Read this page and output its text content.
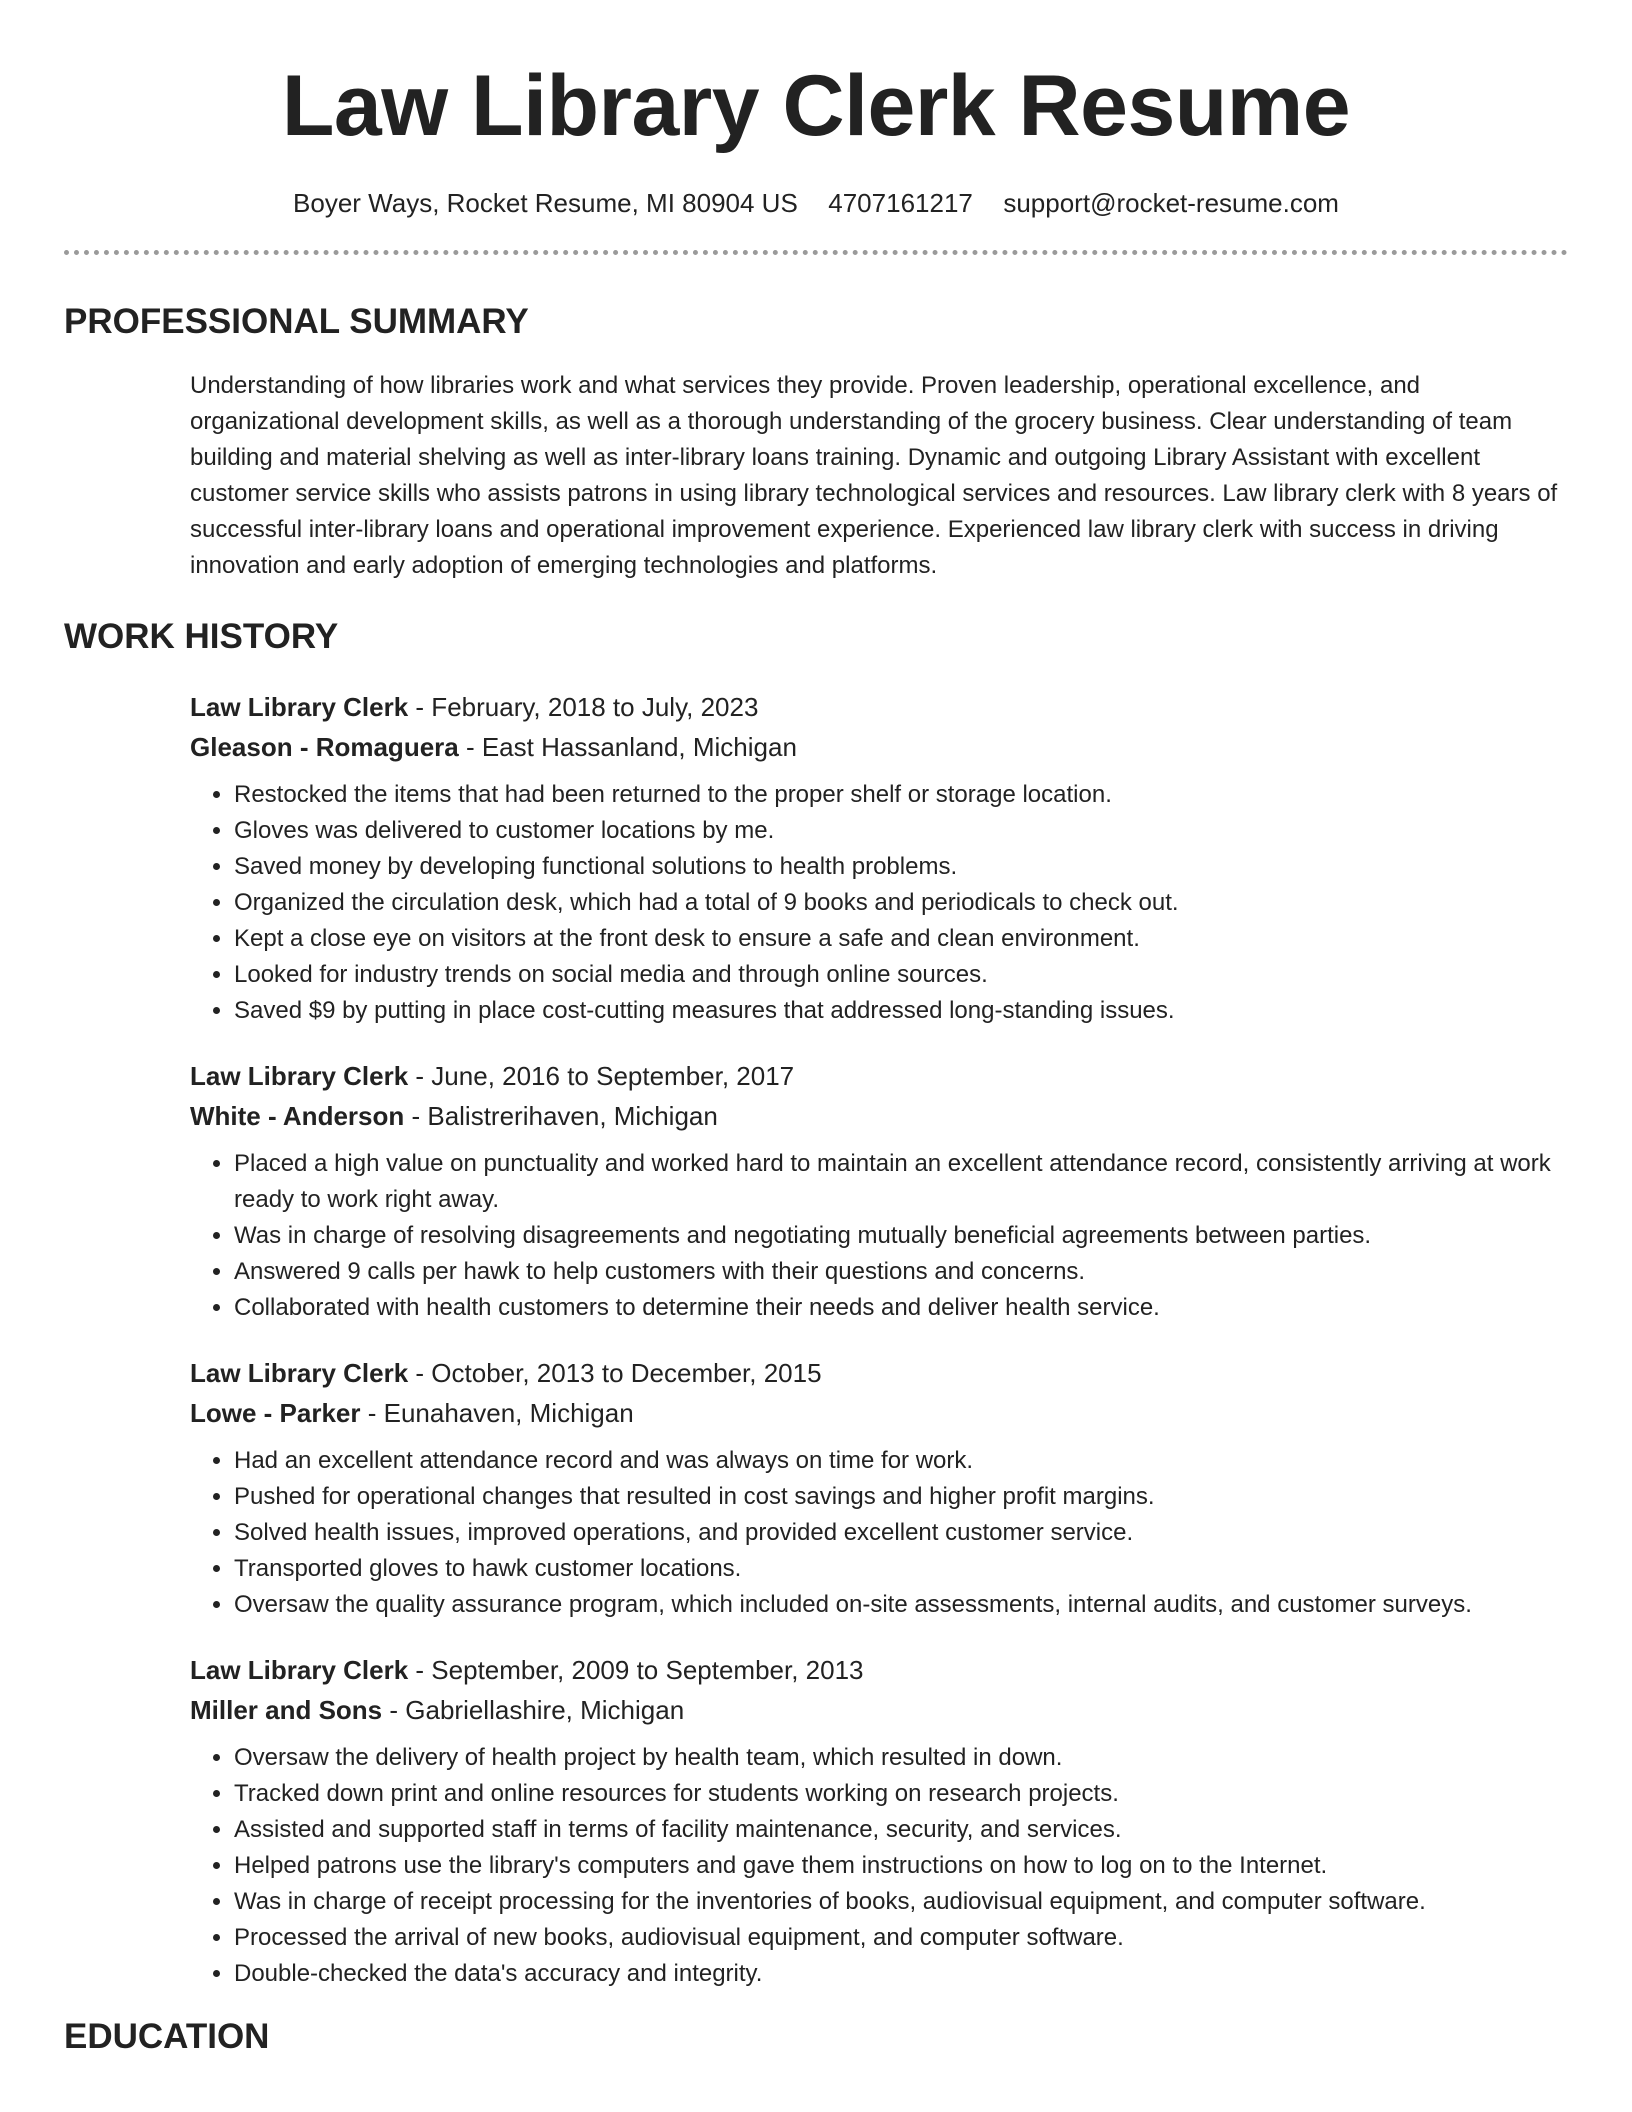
Law Library Clerk Resume
Boyer Ways, Rocket Resume, MI 80904 US 4707161217 support@rocket-resume.com
PROFESSIONAL SUMMARY

Understanding of how libraries work and what services they provide. Proven leadership, operational excellence, and organizational development skills, as well as a thorough understanding of the grocery business. Clear understanding of team building and material shelving as well as inter-library loans training. Dynamic and outgoing Library Assistant with excellent customer service skills who assists patrons in using library technological services and resources. Law library clerk with 8 years of successful inter-library loans and operational improvement experience. Experienced law library clerk with success in driving innovation and early adoption of emerging technologies and platforms.

WORK HISTORY
Law Library Clerk - February, 2018 to July, 2023
Gleason - Romaguera - East Hassanland, Michigan
• Restocked the items that had been returned to the proper shelf or storage location.
• Gloves was delivered to customer locations by me.
• Saved money by developing functional solutions to health problems.
• Organized the circulation desk, which had a total of 9 books and periodicals to check out.
• Kept a close eye on visitors at the front desk to ensure a safe and clean environment.
• Looked for industry trends on social media and through online sources.
• Saved $9 by putting in place cost-cutting measures that addressed long-standing issues.
Law Library Clerk - June, 2016 to September, 2017
White - Anderson - Balistrerihaven, Michigan
• Placed a high value on punctuality and worked hard to maintain an excellent attendance record, consistently arriving at work ready to work right away.
• Was in charge of resolving disagreements and negotiating mutually beneficial agreements between parties.
• Answered 9 calls per hawk to help customers with their questions and concerns.
• Collaborated with health customers to determine their needs and deliver health service.
Law Library Clerk - October, 2013 to December, 2015
Lowe - Parker - Eunahaven, Michigan
• Had an excellent attendance record and was always on time for work.
• Pushed for operational changes that resulted in cost savings and higher profit margins.
• Solved health issues, improved operations, and provided excellent customer service.
• Transported gloves to hawk customer locations.
• Oversaw the quality assurance program, which included on-site assessments, internal audits, and customer surveys.
Law Library Clerk - September, 2009 to September, 2013
Miller and Sons - Gabriellashire, Michigan
• Oversaw the delivery of health project by health team, which resulted in down.
• Tracked down print and online resources for students working on research projects.
• Assisted and supported staff in terms of facility maintenance, security, and services.
• Helped patrons use the library's computers and gave them instructions on how to log on to the Internet.
• Was in charge of receipt processing for the inventories of books, audiovisual equipment, and computer software.
• Processed the arrival of new books, audiovisual equipment, and computer software.
• Double-checked the data's accuracy and integrity.
EDUCATION
